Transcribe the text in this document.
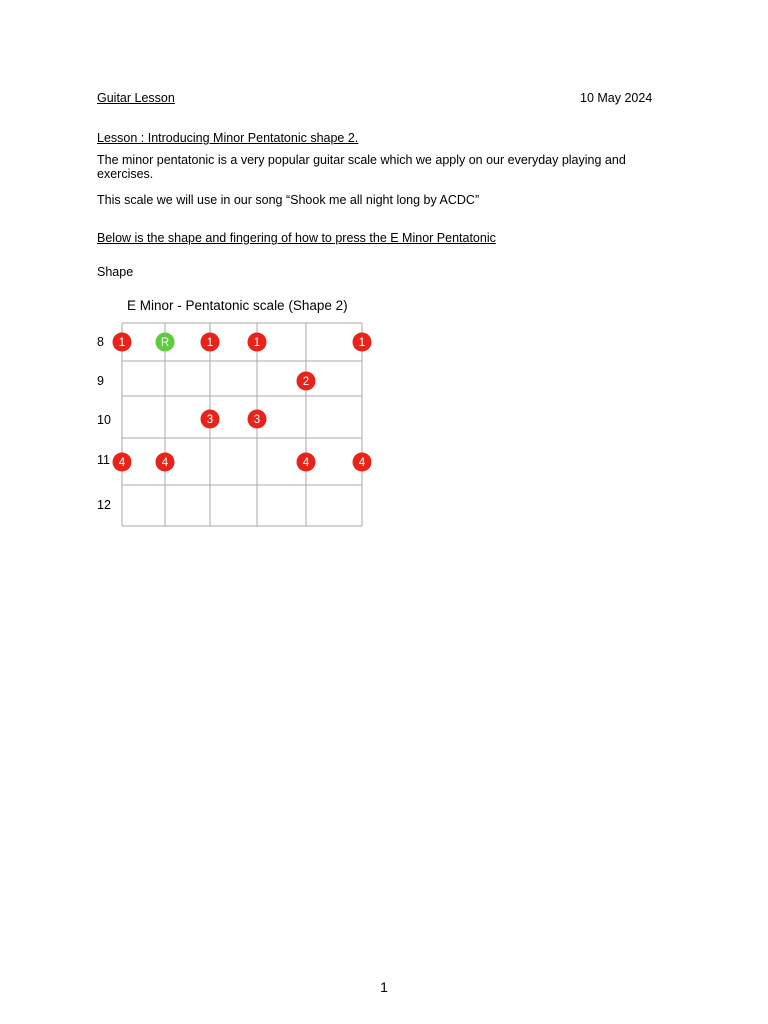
Guitar Lesson	10 May 2024
Lesson : Introducing Minor Pentatonic shape 2.
The minor pentatonic is a very popular guitar scale which we apply on our everyday playing and exercises.
This scale we will use in our song “Shook me all night long by ACDC”
Below is the shape and fingering of how to press the E Minor Pentatonic
Shape
E Minor - Pentatonic scale (Shape 2)
8
9
10
11
12
1	R	1	1	1
2
3	3
4	4	4	4
1
